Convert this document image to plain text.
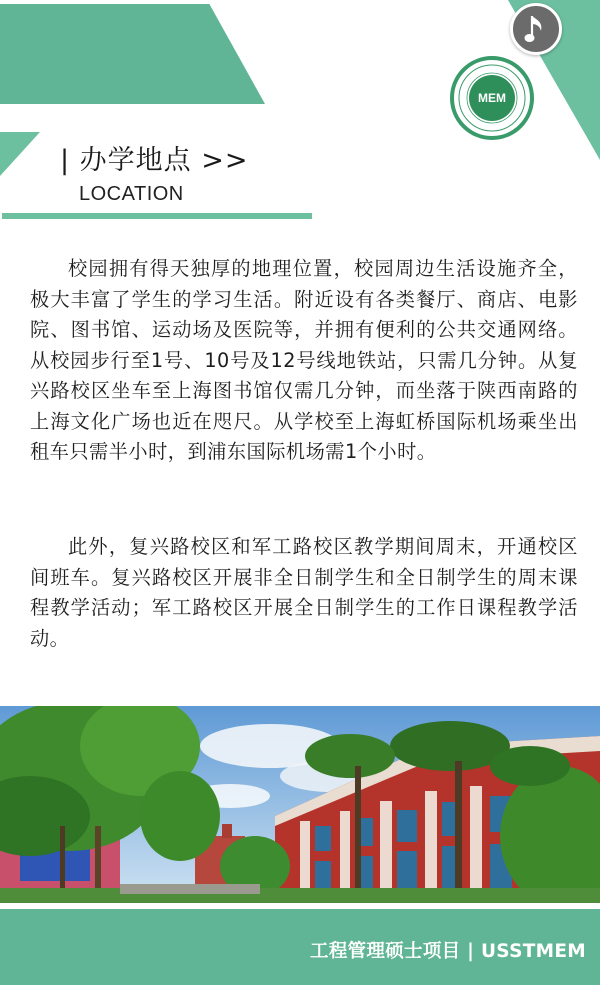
MEM
| 办学地点 >>
LOCATION

校园拥有得天独厚的地理位置，校园周边生活设施齐全，极大丰富了学生的学习生活。附近设有各类餐厅、商店、电影院、图书馆、运动场及医院等，并拥有便利的公共交通网络。从校园步行至1号、10号及12号线地铁站，只需几分钟。从复兴路校区坐车至上海图书馆仅需几分钟，而坐落于陕西南路的上海文化广场也近在咫尺。从学校至上海虹桥国际机场乘坐出租车只需半小时，到浦东国际机场需1个小时。

此外，复兴路校区和军工路校区教学期间周末，开通校区间班车。复兴路校区开展非全日制学生和全日制学生的周末课程教学活动；军工路校区开展全日制学生的工作日课程教学活动。

工程管理硕士项目 | USSTMEM
